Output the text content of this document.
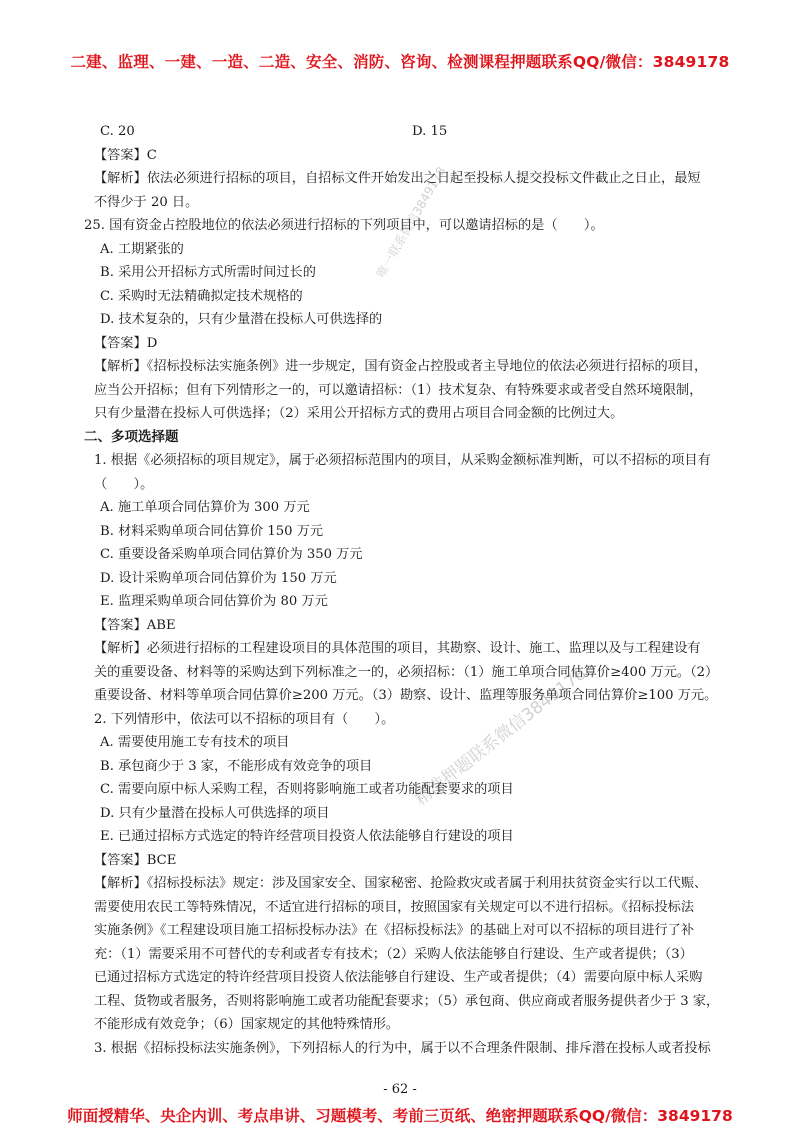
二建、监理、一建、一造、二造、安全、消防、咨询、检测课程押题联系QQ/微信：3849178
C. 20	D. 15
【答案】C
【解析】依法必须进行招标的项目，自招标文件开始发出之日起至投标人提交投标文件截止之日止，最短
不得少于 20 日。
25. 国有资金占控股地位的依法必须进行招标的下列项目中，可以邀请招标的是（　　）。
A. 工期紧张的
B. 采用公开招标方式所需时间过长的
C. 采购时无法精确拟定技术规格的
D. 技术复杂的，只有少量潜在投标人可供选择的
【答案】D
【解析】《招标投标法实施条例》进一步规定，国有资金占控股或者主导地位的依法必须进行招标的项目，
应当公开招标；但有下列情形之一的，可以邀请招标：（1）技术复杂、有特殊要求或者受自然环境限制，
只有少量潜在投标人可供选择；（2）采用公开招标方式的费用占项目合同金额的比例过大。
二、多项选择题
1. 根据《必须招标的项目规定》，属于必须招标范围内的项目，从采购金额标准判断，可以不招标的项目有
（　　）。
A. 施工单项合同估算价为 300 万元
B. 材料采购单项合同估算价 150 万元
C. 重要设备采购单项合同估算价为 350 万元
D. 设计采购单项合同估算价为 150 万元
E. 监理采购单项合同估算价为 80 万元
【答案】ABE
【解析】必须进行招标的工程建设项目的具体范围的项目，其勘察、设计、施工、监理以及与工程建设有
关的重要设备、材料等的采购达到下列标准之一的，必须招标：（1）施工单项合同估算价≥400 万元。（2）
重要设备、材料等单项合同估算价≥200 万元。（3）勘察、设计、监理等服务单项合同估算价≥100 万元。
2. 下列情形中，依法可以不招标的项目有（　　）。
A. 需要使用施工专有技术的项目
B. 承包商少于 3 家，不能形成有效竞争的项目
C. 需要向原中标人采购工程，否则将影响施工或者功能配套要求的项目
D. 只有少量潜在投标人可供选择的项目
E. 已通过招标方式选定的特许经营项目投资人依法能够自行建设的项目
【答案】BCE
【解析】《招标投标法》规定：涉及国家安全、国家秘密、抢险救灾或者属于利用扶贫资金实行以工代赈、
需要使用农民工等特殊情况，不适宜进行招标的项目，按照国家有关规定可以不进行招标。《招标投标法
实施条例》《工程建设项目施工招标投标办法》在《招标投标法》的基础上对可以不招标的项目进行了补
充：（1）需要采用不可替代的专利或者专有技术；（2）采购人依法能够自行建设、生产或者提供；（3）
已通过招标方式选定的特许经营项目投资人依法能够自行建设、生产或者提供；（4）需要向原中标人采购
工程、货物或者服务，否则将影响施工或者功能配套要求；（5）承包商、供应商或者服务提供者少于 3 家，
不能形成有效竞争；（6）国家规定的其他特殊情形。
3. 根据《招标投标法实施条例》，下列招标人的行为中，属于以不合理条件限制、排斥潜在投标人或者投标
唯一联系微信3849178
精准押题联系微信3849178
- 62 -
师面授精华、央企内训、考点串讲、习题模考、考前三页纸、绝密押题联系QQ/微信：3849178
